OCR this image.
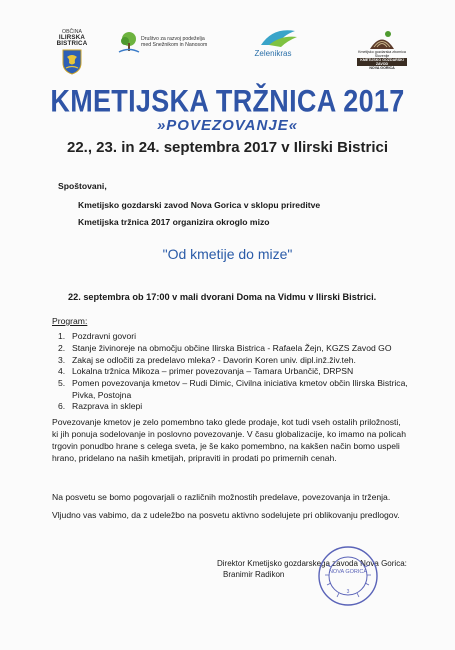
OBČINA
ILIRSKA
BISTRICA
Društvo za razvoj podeželja
med Snežnikom in Nanosom
Zelenikras	Kmetijsko gozdarska zbornica Slovenije
KMETIJSKO GOZDARSKI ZAVOD
NOVA GORICA
KMETIJSKA TRŽNICA 2017
»POVEZOVANJE«
22., 23. in 24. septembra 2017 v Ilirski Bistrici
Spoštovani,
Kmetijsko gozdarski zavod Nova Gorica v sklopu prireditve
Kmetijska tržnica 2017 organizira okroglo mizo
"Od kmetije do mize"
22. septembra ob 17:00 v mali dvorani Doma na Vidmu v Ilirski Bistrici.
Program:
1. Pozdravni govori
2. Stanje živinoreje na območju občine Ilirska Bistrica - Rafaela Žejn, KGZS Zavod GO
3. Zakaj se odločiti za predelavo mleka? - Davorin Koren univ. dipl.inž.živ.teh.
4. Lokalna tržnica Mikoza – primer povezovanja – Tamara Urbančič, DRPSN
5. Pomen povezovanja kmetov – Rudi Dimic, Civilna iniciativa kmetov občin Ilirska Bistrica, Pivka, Postojna
6. Razprava in sklepi
Povezovanje kmetov je zelo pomembno tako glede prodaje, kot tudi vseh ostalih priložnosti, ki jih ponuja sodelovanje in poslovno povezovanje. V času globalizacije, ko imamo na policah trgovin ponudbo hrane s celega sveta, je še kako pomembno, na kakšen način bomo uspeli hrano, pridelano na naših kmetijah, pripraviti in prodati po primernih cenah.
Na posvetu se bomo pogovarjali o različnih možnostih predelave, povezovanja in trženja.
Vljudno vas vabimo, da z udeležbo na posvetu aktivno sodelujete pri oblikovanju predlogov.
Direktor Kmetijsko gozdarskega zavoda Nova Gorica:
Branimir Radikon	NOVA GORICA
3
